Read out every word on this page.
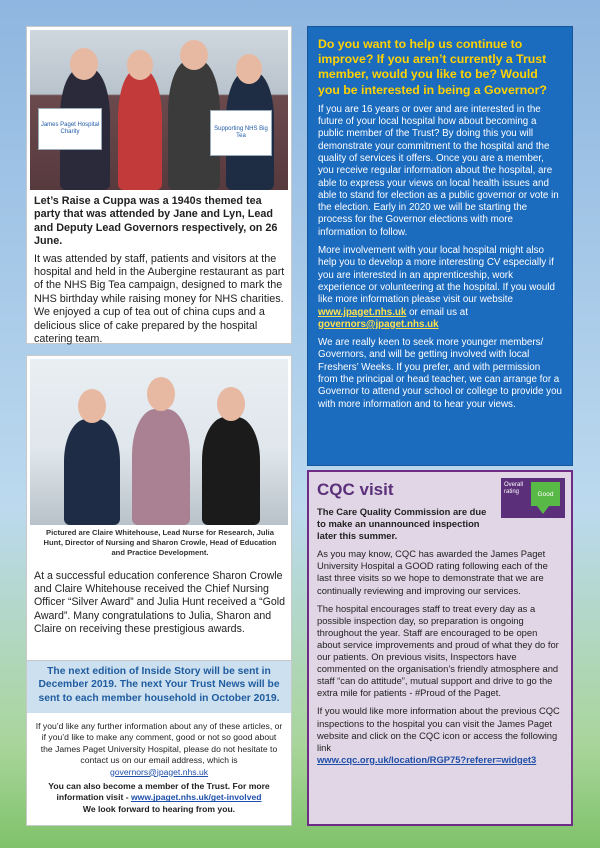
James Paget Hospital Charity	Supporting NHS Big Tea

Let’s Raise a Cuppa was a 1940s themed tea party that was attended by Jane and Lyn, Lead and Deputy Lead Governors respectively, on 26 June.

It was attended by staff, patients and visitors at the hospital and held in the Aubergine restaurant as part of the NHS Big Tea campaign, designed to mark the NHS birthday while raising money for NHS charities. We enjoyed a cup of tea out of china cups and a delicious slice of cake prepared by the hospital catering team.

Pictured are Claire Whitehouse, Lead Nurse for Research, Julia Hunt, Director of Nursing and Sharon Crowle, Head of Education and Practice Development.

At a successful education conference Sharon Crowle and Claire Whitehouse received the Chief Nursing Officer “Silver Award” and Julia Hunt received a “Gold Award”. Many congratulations to Julia, Sharon and Claire on receiving these prestigious awards.

The next edition of Inside Story will be sent in December 2019. The next Your Trust News will be sent to each member household in October 2019.
If you’d like any further information about any of these articles, or if you’d like to make any comment, good or not so good about the James Paget University Hospital, please do not hesitate to contact us on our email address, which is governors@jpaget.nhs.uk
You can also become a member of the Trust. For more information visit - www.jpaget.nhs.uk/get-involved
We look forward to hearing from you.

Do you want to help us continue to improve? If you aren’t currently a Trust member, would you like to be? Would you be interested in being a Governor?

If you are 16 years or over and are interested in the future of your local hospital how about becoming a public member of the Trust? By doing this you will demonstrate your commitment to the hospital and the quality of services it offers. Once you are a member, you receive regular information about the hospital, are able to express your views on local health issues and able to stand for election as a public governor or vote in the election. Early in 2020 we will be starting the process for the Governor elections with more information to follow.

More involvement with your local hospital might also help you to develop a more interesting CV especially if you are interested in an apprenticeship, work experience or volunteering at the hospital. If you would like more information please visit our website www.jpaget.nhs.uk or email us at governors@jpaget.nhs.uk

We are really keen to seek more younger members/ Governors, and will be getting involved with local Freshers’ Weeks. If you prefer, and with permission from the principal or head teacher, we can arrange for a Governor to attend your school or college to provide you with more information and to hear your views.

CQC visit	Overall rating	Good

The Care Quality Commission are due to make an unannounced inspection later this summer.

As you may know, CQC has awarded the James Paget University Hospital a GOOD rating following each of the last three visits so we hope to demonstrate that we are continually reviewing and improving our services.

The hospital encourages staff to treat every day as a possible inspection day, so preparation is ongoing throughout the year. Staff are encouraged to be open about service improvements and proud of what they do for our patients. On previous visits, Inspectors have commented on the organisation’s friendly atmosphere and staff “can do attitude”, mutual support and drive to go the extra mile for patients - #Proud of the Paget.

If you would like more information about the previous CQC inspections to the hospital you can visit the James Paget website and click on the CQC icon or access the following link
www.cqc.org.uk/location/RGP75?referer=widget3
